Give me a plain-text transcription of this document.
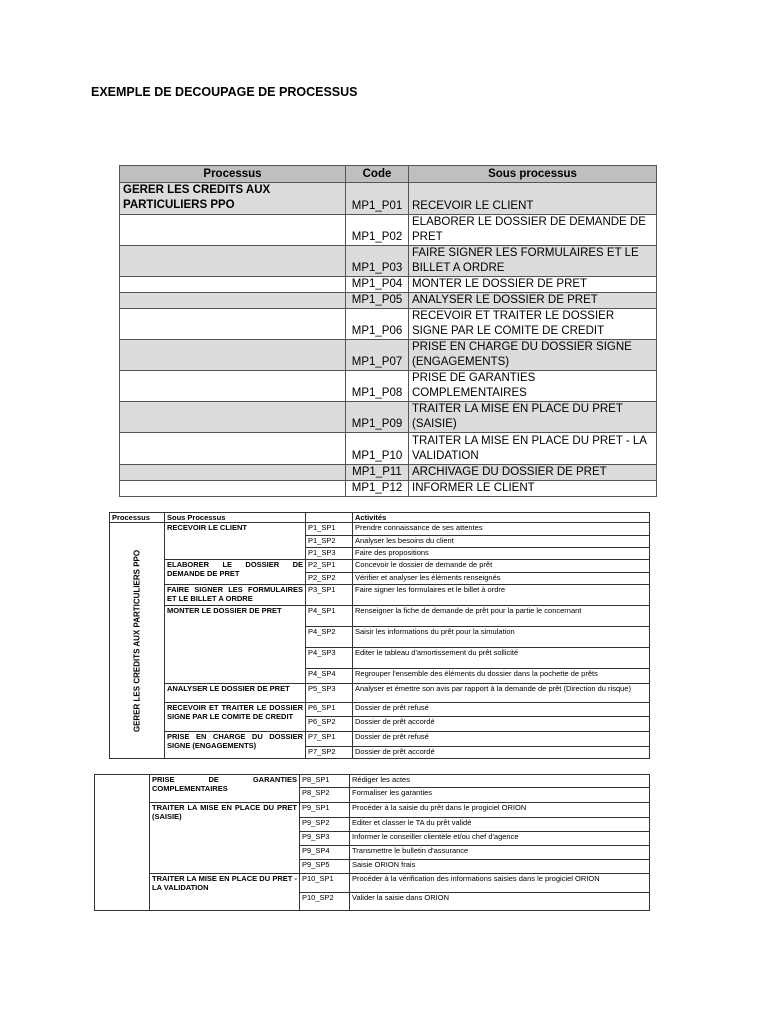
EXEMPLE DE DECOUPAGE DE PROCESSUS
Processus	Code	Sous processus
GERER LES CREDITS AUX PARTICULIERS PPO	MP1_P01	RECEVOIR LE CLIENT
	MP1_P02	ELABORER LE DOSSIER DE DEMANDE DE PRET
	MP1_P03	FAIRE SIGNER LES FORMULAIRES ET LE BILLET A ORDRE
	MP1_P04	MONTER LE DOSSIER DE PRET
	MP1_P05	ANALYSER LE DOSSIER DE PRET
	MP1_P06	RECEVOIR ET TRAITER LE DOSSIER SIGNE PAR LE COMITE DE CREDIT
	MP1_P07	PRISE EN CHARGE DU DOSSIER SIGNE (ENGAGEMENTS)
	MP1_P08	PRISE DE GARANTIES COMPLEMENTAIRES
	MP1_P09	TRAITER LA MISE EN PLACE DU PRET (SAISIE)
	MP1_P10	TRAITER LA MISE EN PLACE DU PRET - LA VALIDATION
	MP1_P11	ARCHIVAGE DU DOSSIER DE PRET
	MP1_P12	INFORMER LE CLIENT
Processus	Sous Processus		Activités

GERER LES CREDITS AUX PARTICULIERS PPO	RECEVOIR LE CLIENT	P1_SP1	Prendre connaissance de ses attentes
		P1_SP2	Analyser les besoins du client
		P1_SP3	Faire des propositions
	ELABORER LE DOSSIER DE DEMANDE DE PRET	P2_SP1	Concevoir le dossier de demande de prêt
		P2_SP2	Vérifier et analyser les éléments renseignés
	FAIRE SIGNER LES FORMULAIRES ET LE BILLET A ORDRE	P3_SP1	Faire signer les formulaires et le billet à ordre
	MONTER LE DOSSIER DE PRET	P4_SP1	Renseigner la fiche de demande de prêt pour la partie le concernant
		P4_SP2	Saisir les informations du prêt pour la simulation
		P4_SP3	Editer le tableau d'amortissement du prêt sollicité
		P4_SP4	Regrouper l'ensemble des éléments du dossier dans la pochette de prêts
	ANALYSER LE DOSSIER DE PRET	P5_SP3	Analyser et émettre son avis par rapport à la demande de prêt (Direction du risque)
	RECEVOIR ET TRAITER LE DOSSIER SIGNE PAR LE COMITE DE CREDIT	P6_SP1	Dossier de prêt refusé
		P6_SP2	Dossier de prêt accordé
	PRISE EN CHARGE DU DOSSIER SIGNE (ENGAGEMENTS)	P7_SP1	Dossier de prêt refusé
		P7_SP2	Dossier de prêt accordé
	PRISE DE GARANTIES COMPLEMENTAIRES	P8_SP1	Rédiger les actes
		P8_SP2	Formaliser les garanties
	TRAITER LA MISE EN PLACE DU PRET (SAISIE)	P9_SP1	Procéder à la saisie du prêt dans le progiciel ORION
		P9_SP2	Editer et classer le TA du prêt validé
		P9_SP3	Informer le conseiller clientèle et/ou chef d'agence
		P9_SP4	Transmettre le bulletin d'assurance
		P9_SP5	Saisie ORION frais
	TRAITER LA MISE EN PLACE DU PRET - LA VALIDATION	P10_SP1	Procéder à la vérification des informations saisies dans le progiciel ORION
		P10_SP2	Valider la saisie dans ORION
